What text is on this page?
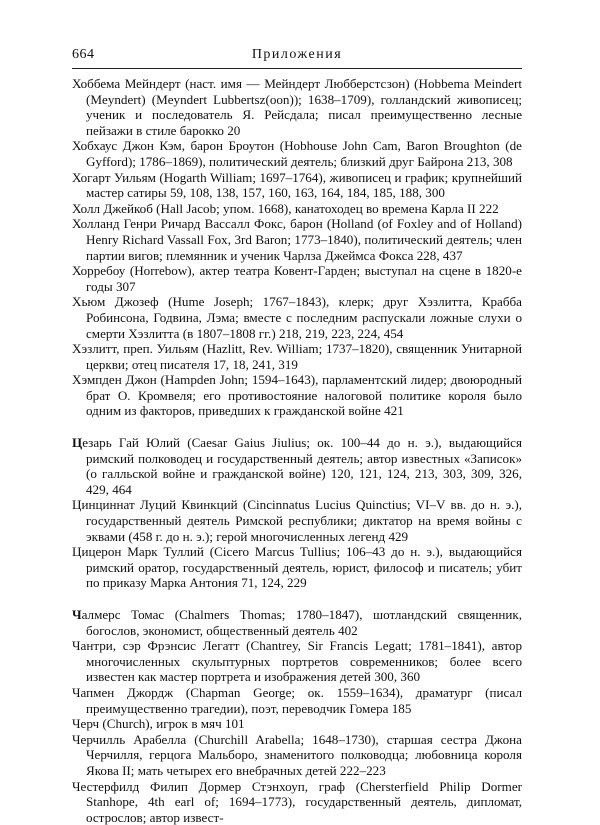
Приложения
664

Хоббема Мейндерт (наст. имя — Мейндерт Любберстсзон) (Hobbema Meindert (Meyndert) (Meyndert Lubbertsz(oon)); 1638–1709), голландский живописец; ученик и последователь Я. Рейсдала; писал преимущественно лесные пейзажи в стиле барокко 20

Хобхаус Джон Кэм, барон Броутон (Hobhouse John Cam, Baron Broughton (de Gyfford); 1786–1869), политический деятель; близкий друг Байрона 213, 308

Хогарт Уильям (Hogarth William; 1697–1764), живописец и график; крупнейший мастер сатиры 59, 108, 138, 157, 160, 163, 164, 184, 185, 188, 300

Холл Джейкоб (Hall Jacob; упом. 1668), канатоходец во времена Карла II 222

Холланд Генри Ричард Вассалл Фокс, барон (Holland (of Foxley and of Holland) Henry Richard Vassall Fox, 3rd Baron; 1773–1840), политический деятель; член партии вигов; племянник и ученик Чарлза Джеймса Фокса 228, 437

Хорребоу (Horrebow), актер театра Ковент-Гарден; выступал на сцене в 1820-е годы 307

Хьюм Джозеф (Hume Joseph; 1767–1843), клерк; друг Хэзлитта, Крабба Робинсона, Годвина, Лэма; вместе с последним распускали ложные слухи о смерти Хэзлитта (в 1807–1808 гг.) 218, 219, 223, 224, 454

Хэзлитт, преп. Уильям (Hazlitt, Rev. William; 1737–1820), священник Унитарной церкви; отец писателя 17, 18, 241, 319

Хэмпден Джон (Hampden John; 1594–1643), парламентский лидер; двоюродный брат О. Кромвеля; его противостояние налоговой политике короля было одним из факторов, приведших к гражданской войне 421

Цезарь Гай Юлий (Caesar Gaius Jiulius; ок. 100–44 до н. э.), выдающийся римский полководец и государственный деятель; автор известных «Записок» (о галльской войне и гражданской войне) 120, 121, 124, 213, 303, 309, 326, 429, 464

Цинциннат Луций Квинкций (Cincinnatus Lucius Quinctius; VI–V вв. до н. э.), государственный деятель Римской республики; диктатор на время войны с эквами (458 г. до н. э.); герой многочисленных легенд 429

Цицерон Марк Туллий (Cicero Marcus Tullius; 106–43 до н. э.), выдающийся римский оратор, государственный деятель, юрист, философ и писатель; убит по приказу Марка Антония 71, 124, 229

Чалмерс Томас (Chalmers Thomas; 1780–1847), шотландский священник, богослов, экономист, общественный деятель 402

Чантри, сэр Фрэнсис Легатт (Chantrey, Sir Francis Legatt; 1781–1841), автор многочисленных скульптурных портретов современников; более всего известен как мастер портрета и изображения детей 300, 360

Чапмен Джордж (Chapman George; ок. 1559–1634), драматург (писал преимущественно трагедии), поэт, переводчик Гомера 185

Черч (Church), игрок в мяч 101

Черчилль Арабелла (Churchill Arabella; 1648–1730), старшая сестра Джона Черчилля, герцога Мальборо, знаменитого полководца; любовница короля Якова II; мать четырех его внебрачных детей 222–223

Честерфилд Филип Дормер Стэнхоуп, граф (Chersterfield Philip Dormer Stanhope, 4th earl of; 1694–1773), государственный деятель, дипломат, остроcлов; автор извест-
